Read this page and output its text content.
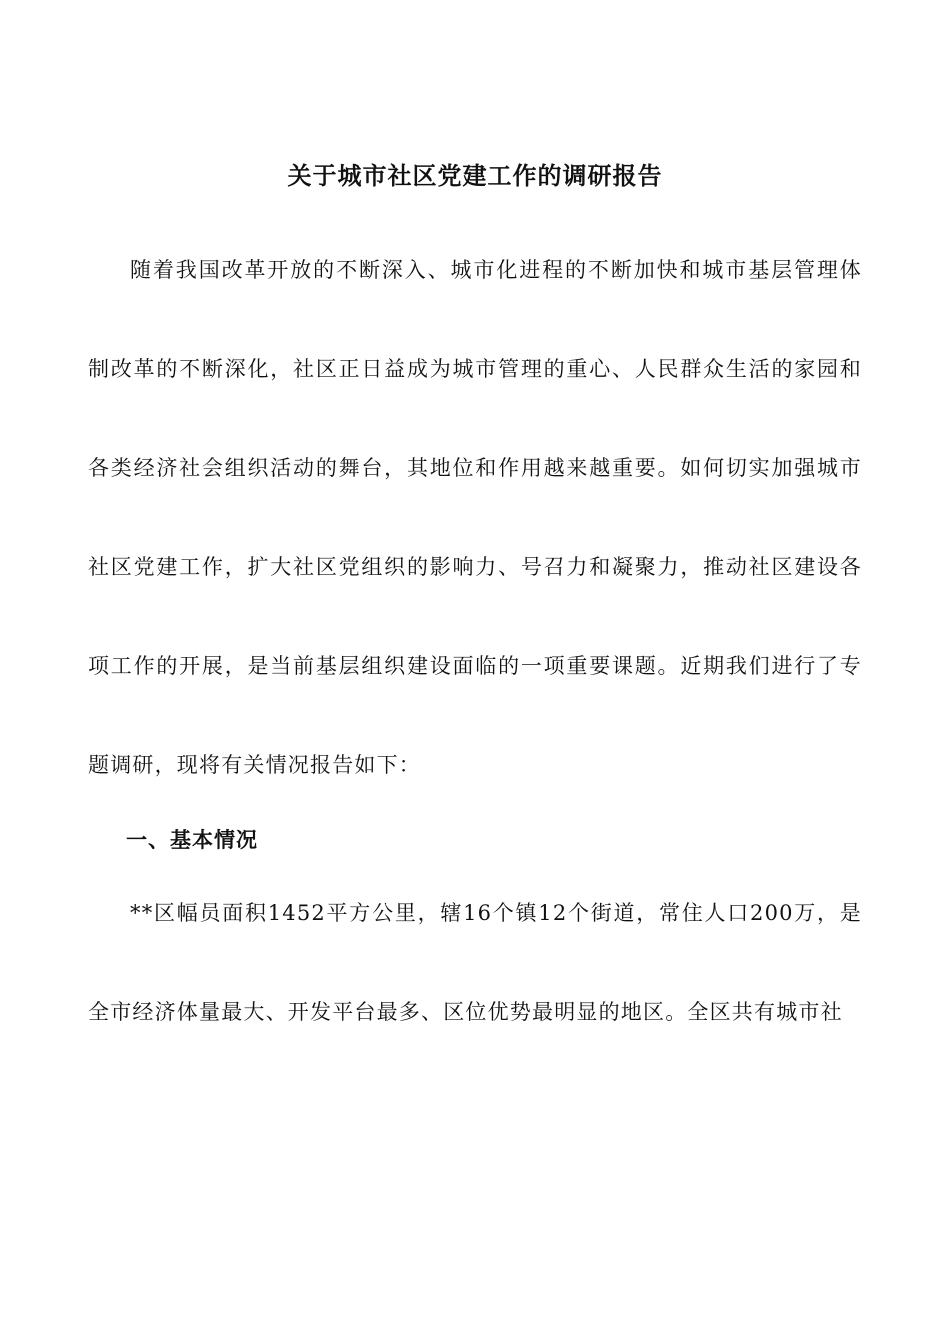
关于城市社区党建工作的调研报告

随着我国改革开放的不断深入、城市化进程的不断加快和城市基层管理体制改革的不断深化，社区正日益成为城市管理的重心、人民群众生活的家园和各类经济社会组织活动的舞台，其地位和作用越来越重要。如何切实加强城市社区党建工作，扩大社区党组织的影响力、号召力和凝聚力，推动社区建设各项工作的开展，是当前基层组织建设面临的一项重要课题。近期我们进行了专题调研，现将有关情况报告如下：

一、基本情况

**区幅员面积1452平方公里，辖16个镇12个街道，常住人口200万，是全市经济体量最大、开发平台最多、区位优势最明显的地区。全区共有城市社
